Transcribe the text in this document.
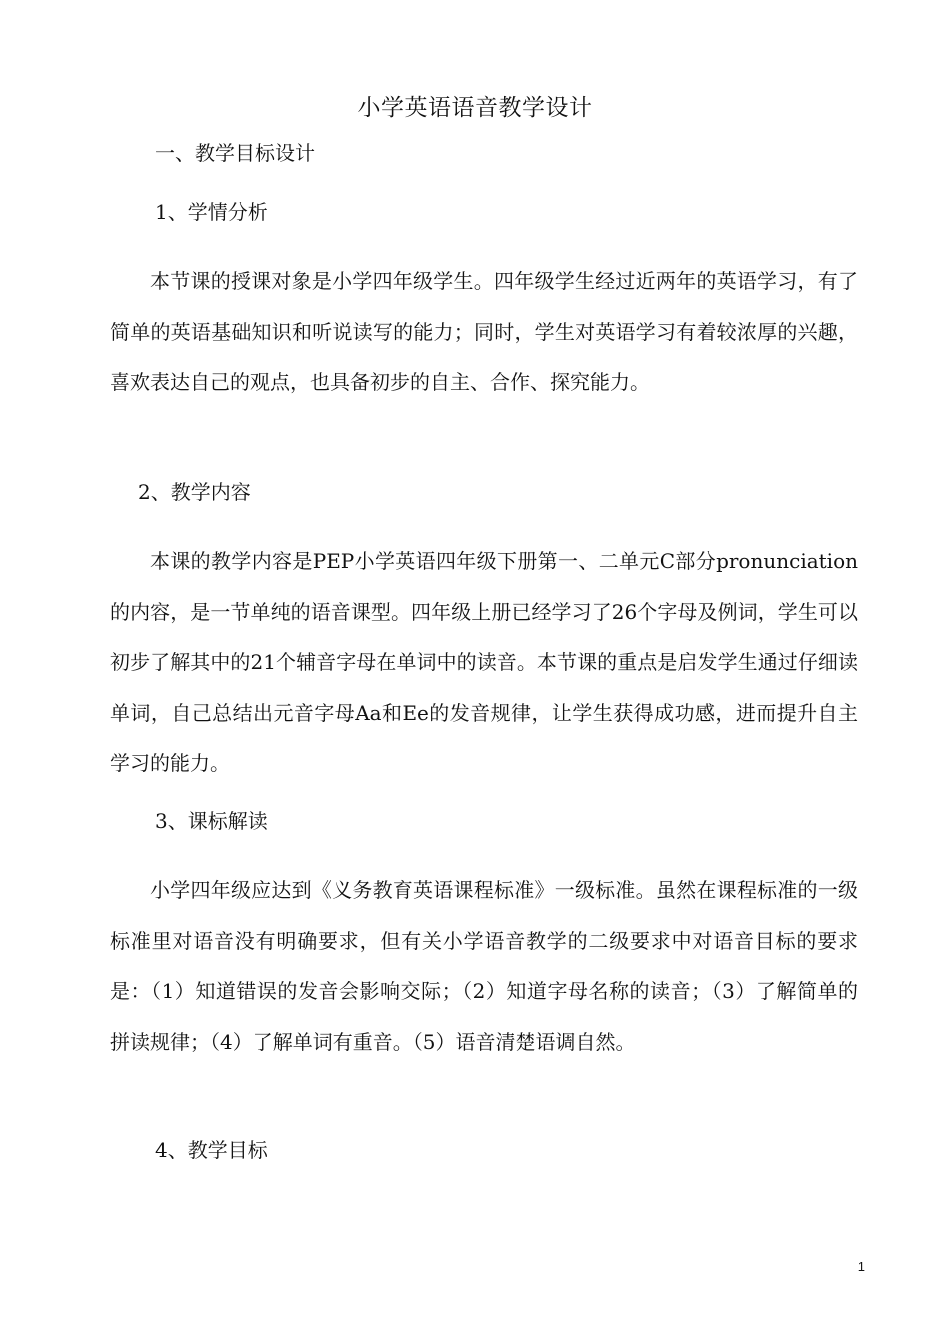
小学英语语音教学设计
一、教学目标设计
1、学情分析
本节课的授课对象是小学四年级学生。四年级学生经过近两年的英语学习，有了简单的英语基础知识和听说读写的能力；同时，学生对英语学习有着较浓厚的兴趣，喜欢表达自己的观点，也具备初步的自主、合作、探究能力。
2、教学内容
本课的教学内容是PEP小学英语四年级下册第一、二单元C部分pronunciation的内容，是一节单纯的语音课型。四年级上册已经学习了26个字母及例词，学生可以初步了解其中的21个辅音字母在单词中的读音。本节课的重点是启发学生通过仔细读单词，自己总结出元音字母Aa和Ee的发音规律，让学生获得成功感，进而提升自主学习的能力。
3、课标解读
小学四年级应达到《义务教育英语课程标准》一级标准。虽然在课程标准的一级标准里对语音没有明确要求，但有关小学语音教学的二级要求中对语音目标的要求是：（1）知道错误的发音会影响交际；（2）知道字母名称的读音；（3）了解简单的拼读规律；（4）了解单词有重音。（5）语音清楚语调自然。
4、教学目标
1
